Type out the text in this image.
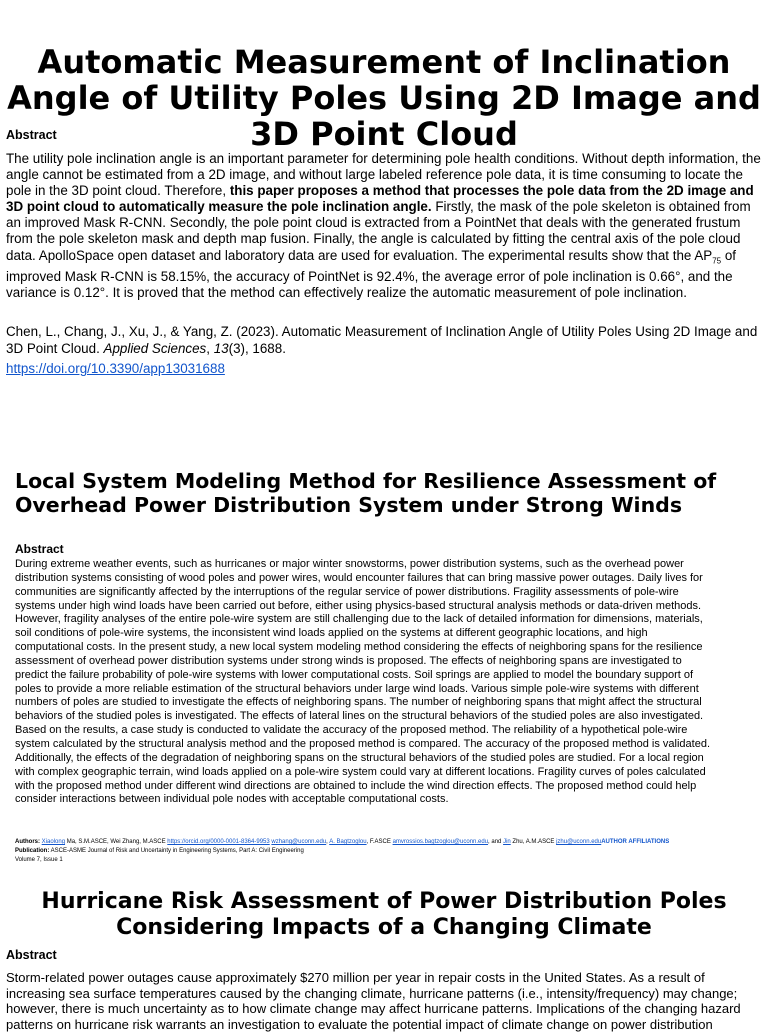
Automatic Measurement of Inclination Angle of Utility Poles Using 2D Image and 3D Point Cloud
Abstract

The utility pole inclination angle is an important parameter for determining pole health conditions. Without depth information, the angle cannot be estimated from a 2D image, and without large labeled reference pole data, it is time consuming to locate the pole in the 3D point cloud. Therefore, this paper proposes a method that processes the pole data from the 2D image and 3D point cloud to automatically measure the pole inclination angle. Firstly, the mask of the pole skeleton is obtained from an improved Mask R-CNN. Secondly, the pole point cloud is extracted from a PointNet that deals with the generated frustum from the pole skeleton mask and depth map fusion. Finally, the angle is calculated by fitting the central axis of the pole cloud data. ApolloSpace open dataset and laboratory data are used for evaluation. The experimental results show that the $AP_{75}$ of improved Mask R-CNN is 58.15%, the accuracy of PointNet is 92.4%, the average error of pole inclination is 0.66°, and the variance is 0.12°. It is proved that the method can effectively realize the automatic measurement of pole inclination.

Chen, L., Chang, J., Xu, J., & Yang, Z. (2023). Automatic Measurement of Inclination Angle of Utility Poles Using 2D Image and 3D Point Cloud. Applied Sciences, 13(3), 1688.

https://doi.org/10.3390/app13031688
Local System Modeling Method for Resilience Assessment of Overhead Power Distribution System under Strong Winds
Abstract

During extreme weather events, such as hurricanes or major winter snowstorms, power distribution systems, such as the overhead power distribution systems consisting of wood poles and power wires, would encounter failures that can bring massive power outages. Daily lives for communities are significantly affected by the interruptions of the regular service of power distributions. Fragility assessments of pole-wire systems under high wind loads have been carried out before, either using physics-based structural analysis methods or data-driven methods. However, fragility analyses of the entire pole-wire system are still challenging due to the lack of detailed information for dimensions, materials, soil conditions of pole-wire systems, the inconsistent wind loads applied on the systems at different geographic locations, and high computational costs. In the present study, a new local system modeling method considering the effects of neighboring spans for the resilience assessment of overhead power distribution systems under strong winds is proposed. The effects of neighboring spans are investigated to predict the failure probability of pole-wire systems with lower computational costs. Soil springs are applied to model the boundary support of poles to provide a more reliable estimation of the structural behaviors under large wind loads. Various simple pole-wire systems with different numbers of poles are studied to investigate the effects of neighboring spans. The number of neighboring spans that might affect the structural behaviors of the studied poles is investigated. The effects of lateral lines on the structural behaviors of the studied poles are also investigated. Based on the results, a case study is conducted to validate the accuracy of the proposed method. The reliability of a hypothetical pole-wire system calculated by the structural analysis method and the proposed method is compared. The accuracy of the proposed method is validated. Additionally, the effects of the degradation of neighboring spans on the structural behaviors of the studied poles are studied. For a local region with complex geographic terrain, wind loads applied on a pole-wire system could vary at different locations. Fragility curves of poles calculated with the proposed method under different wind directions are obtained to include the wind direction effects. The proposed method could help consider interactions between individual pole nodes with acceptable computational costs.

Authors: Xiaolong Ma, S.M.ASCE, Wei Zhang, M.ASCE https://orcid.org/0000-0001-8364-9953 wzhang@uconn.edu, A. Bagtzoglou, F.ASCE amvrossios.bagtzoglou@uconn.edu, and Jin Zhu, A.M.ASCE jzhu@uconn.eduAUTHOR AFFILIATIONS
Publication: ASCE-ASME Journal of Risk and Uncertainty in Engineering Systems, Part A: Civil Engineering
Volume 7, Issue 1
Hurricane Risk Assessment of Power Distribution Poles Considering Impacts of a Changing Climate
Abstract

Storm-related power outages cause approximately $270 million per year in repair costs in the United States. As a result of increasing sea surface temperatures caused by the changing climate, hurricane patterns (i.e., intensity/frequency) may change; however, there is much uncertainty as to how climate change may affect hurricane patterns. Implications of the changing hazard patterns on hurricane risk warrants an investigation to evaluate the potential impact of climate change on power distribution
